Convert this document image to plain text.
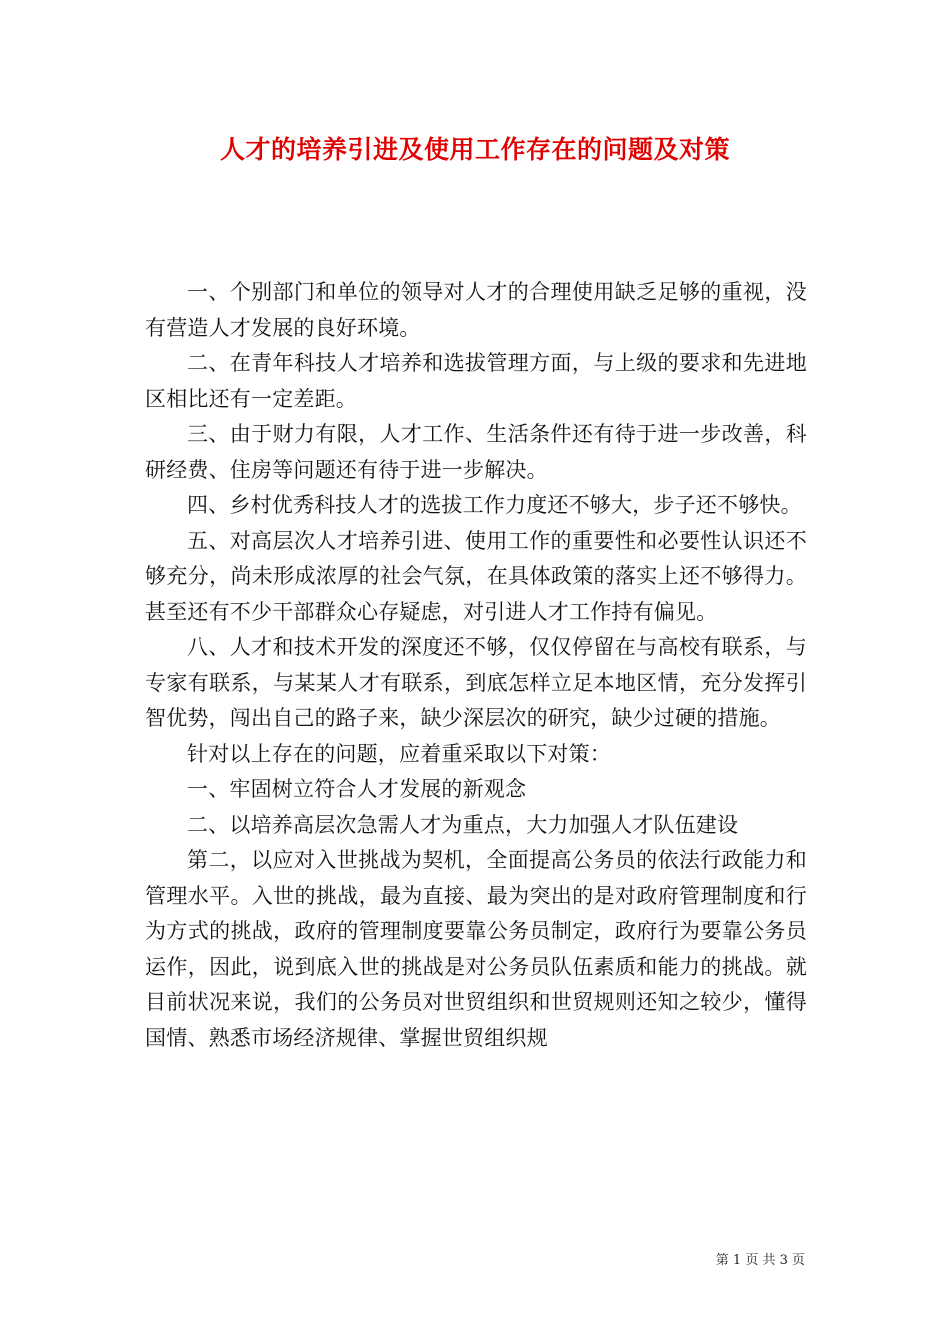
人才的培养引进及使用工作存在的问题及对策

一、个别部门和单位的领导对人才的合理使用缺乏足够的重视，没有营造人才发展的良好环境。

二、在青年科技人才培养和选拔管理方面，与上级的要求和先进地区相比还有一定差距。

三、由于财力有限，人才工作、生活条件还有待于进一步改善，科研经费、住房等问题还有待于进一步解决。

四、乡村优秀科技人才的选拔工作力度还不够大，步子还不够快。

五、对高层次人才培养引进、使用工作的重要性和必要性认识还不够充分，尚未形成浓厚的社会气氛，在具体政策的落实上还不够得力。甚至还有不少干部群众心存疑虑，对引进人才工作持有偏见。

八、人才和技术开发的深度还不够，仅仅停留在与高校有联系，与专家有联系，与某某人才有联系，到底怎样立足本地区情，充分发挥引智优势，闯出自己的路子来，缺少深层次的研究，缺少过硬的措施。

针对以上存在的问题，应着重采取以下对策：

一、牢固树立符合人才发展的新观念

二、以培养高层次急需人才为重点，大力加强人才队伍建设

第二，以应对入世挑战为契机，全面提高公务员的依法行政能力和管理水平。入世的挑战，最为直接、最为突出的是对政府管理制度和行为方式的挑战，政府的管理制度要靠公务员制定，政府行为要靠公务员运作，因此，说到底入世的挑战是对公务员队伍素质和能力的挑战。就目前状况来说，我们的公务员对世贸组织和世贸规则还知之较少，懂得国情、熟悉市场经济规律、掌握世贸组织规

第 1 页 共 3 页
